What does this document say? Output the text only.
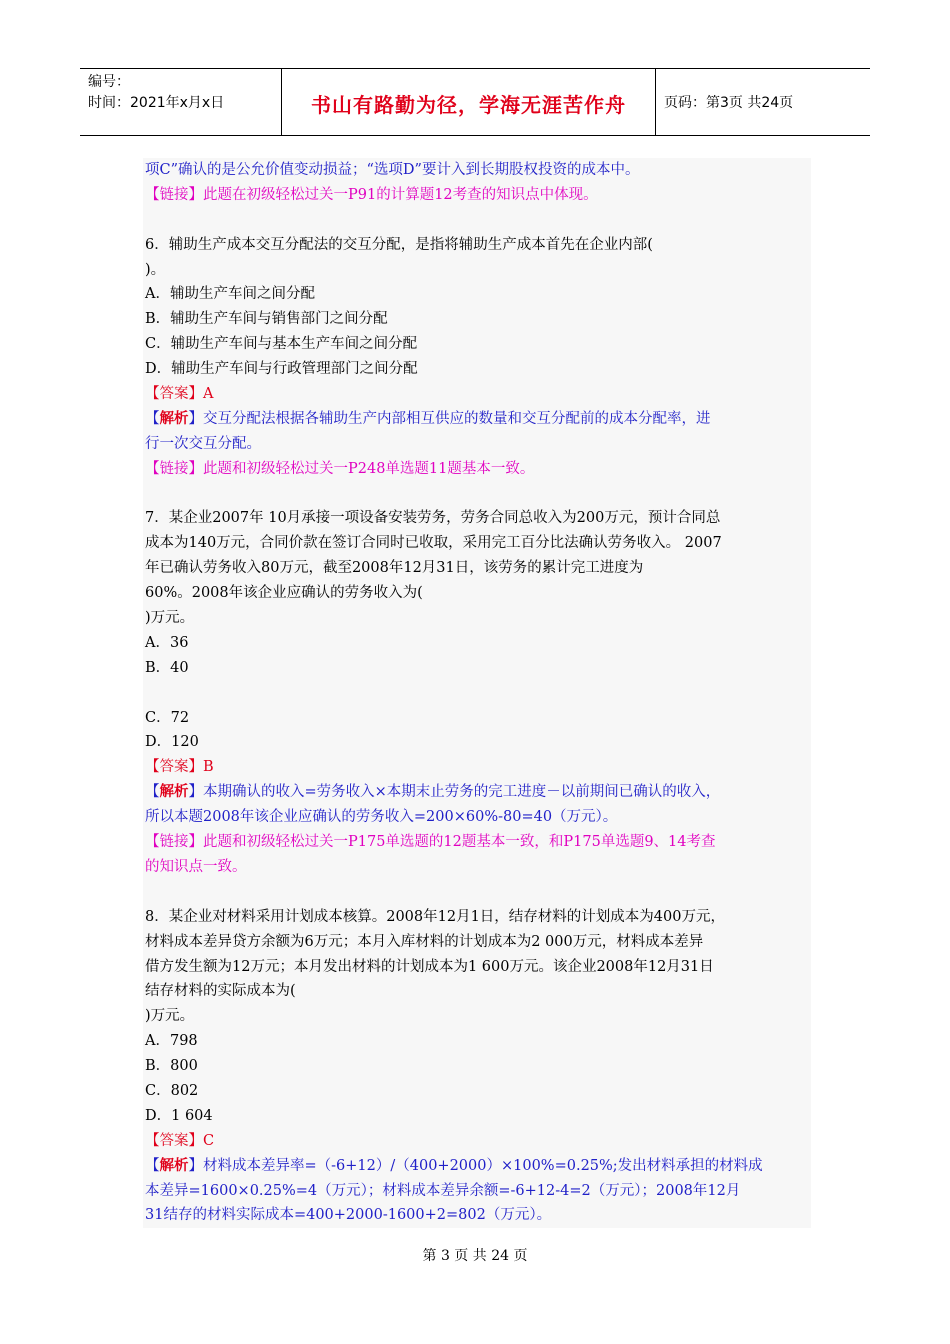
编号：
时间：2021年x月x日	书山有路勤为径，学海无涯苦作舟	页码：第3页 共24页
项C”确认的是公允价值变动损益；“选项D”要计入到长期股权投资的成本中。
【链接】此题在初级轻松过关一P91的计算题12考查的知识点中体现。
6．辅助生产成本交互分配法的交互分配，是指将辅助生产成本首先在企业内部(
)。
A．辅助生产车间之间分配
B．辅助生产车间与销售部门之间分配
C．辅助生产车间与基本生产车间之间分配
D．辅助生产车间与行政管理部门之间分配
【答案】A
【解析】交互分配法根据各辅助生产内部相互供应的数量和交互分配前的成本分配率，进
行一次交互分配。
【链接】此题和初级轻松过关一P248单选题11题基本一致。
7．某企业2007年 10月承接一项设备安装劳务，劳务合同总收入为200万元，预计合同总
成本为140万元，合同价款在签订合同时已收取，采用完工百分比法确认劳务收入。 2007
年已确认劳务收入80万元，截至2008年12月31日，该劳务的累计完工进度为
60%。2008年该企业应确认的劳务收入为(
)万元。
A．36
B．40
C．72
D．120
【答案】B
【解析】本期确认的收入=劳务收入×本期末止劳务的完工进度－以前期间已确认的收入，
所以本题2008年该企业应确认的劳务收入=200×60%-80=40（万元）。
【链接】此题和初级轻松过关一P175单选题的12题基本一致，和P175单选题9、14考查
的知识点一致。
8．某企业对材料采用计划成本核算。2008年12月1日，结存材料的计划成本为400万元，
材料成本差异贷方余额为6万元；本月入库材料的计划成本为2 000万元，材料成本差异
借方发生额为12万元；本月发出材料的计划成本为1 600万元。该企业2008年12月31日
结存材料的实际成本为(
)万元。
A．798
B．800
C．802
D．1 604
【答案】C
【解析】材料成本差异率=（-6+12）/（400+2000）×100%=0.25%;发出材料承担的材料成
本差异=1600×0.25%=4（万元）；材料成本差异余额=-6+12-4=2（万元）；2008年12月
31结存的材料实际成本=400+2000-1600+2=802（万元）。
第 3 页 共 24 页
